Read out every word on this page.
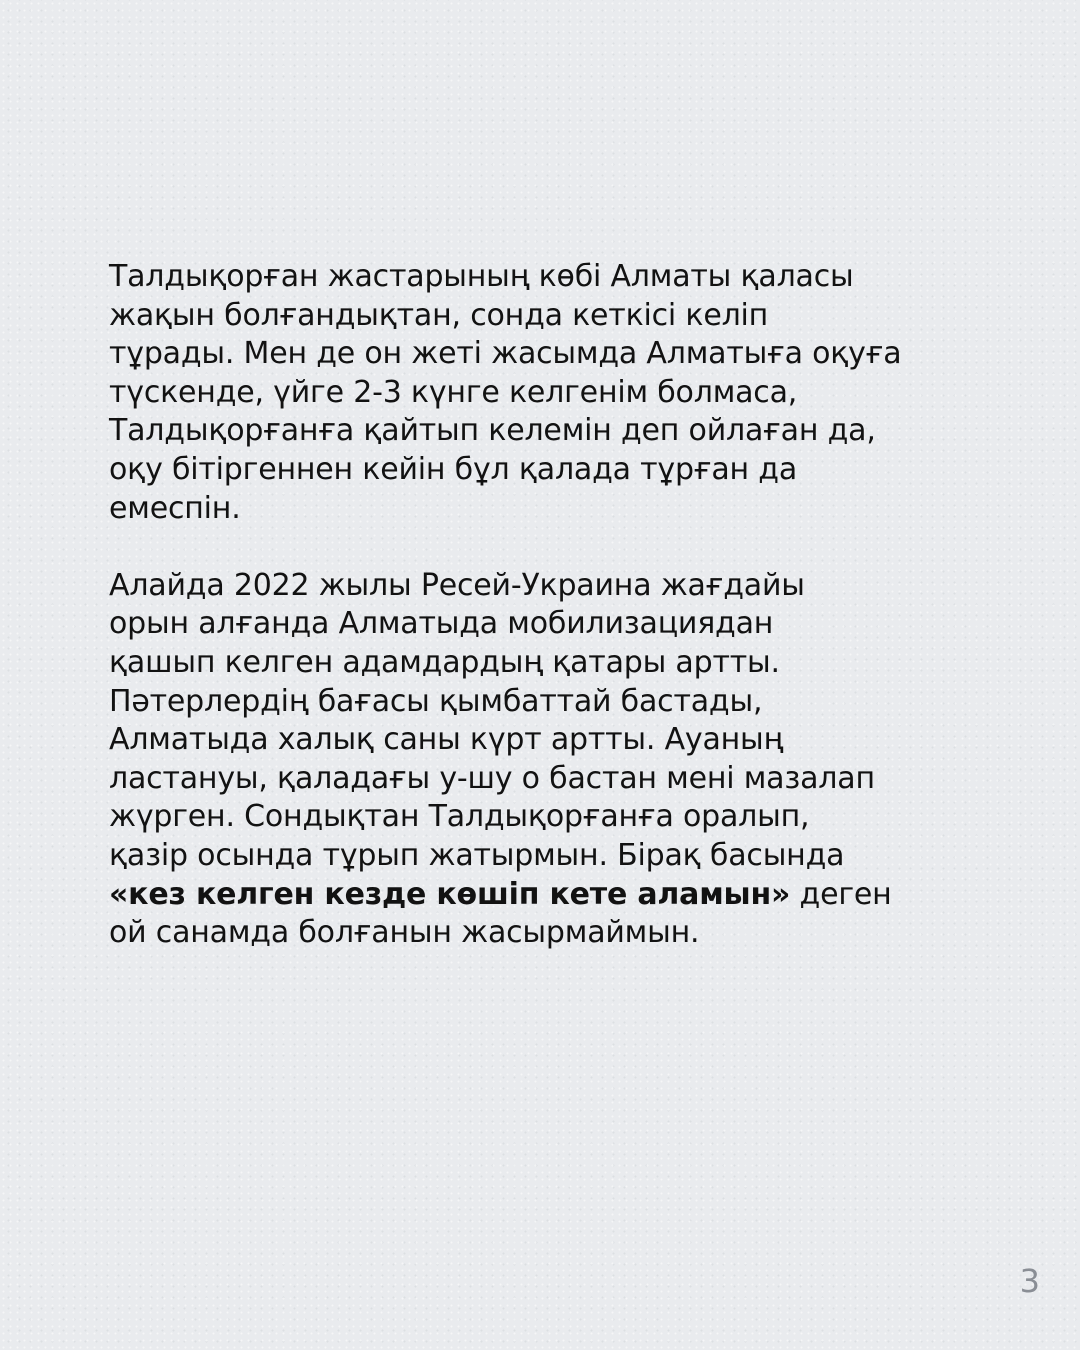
Талдықорған жастарының көбі Алматы қаласы
жақын болғандықтан, сонда кеткісі келіп
тұрады. Мен де он жеті жасымда Алматыға оқуға
түскенде, үйге 2-3 күнге келгенім болмаса,
Талдықорғанға қайтып келемін деп ойлаған да,
оқу бітіргеннен кейін бұл қалада тұрған да
емеспін.

Алайда 2022 жылы Ресей-Украина жағдайы
орын алғанда Алматыда мобилизациядан
қашып келген адамдардың қатары артты.
Пәтерлердің бағасы қымбаттай бастады,
Алматыда халық саны күрт артты. Ауаның
ластануы, қаладағы у-шу о бастан мені мазалап
жүрген. Сондықтан Талдықорғанға оралып,
қазір осында тұрып жатырмын. Бірақ басында
«кез келген кезде көшіп кете аламын» деген
ой санамда болғанын жасырмаймын.

3
